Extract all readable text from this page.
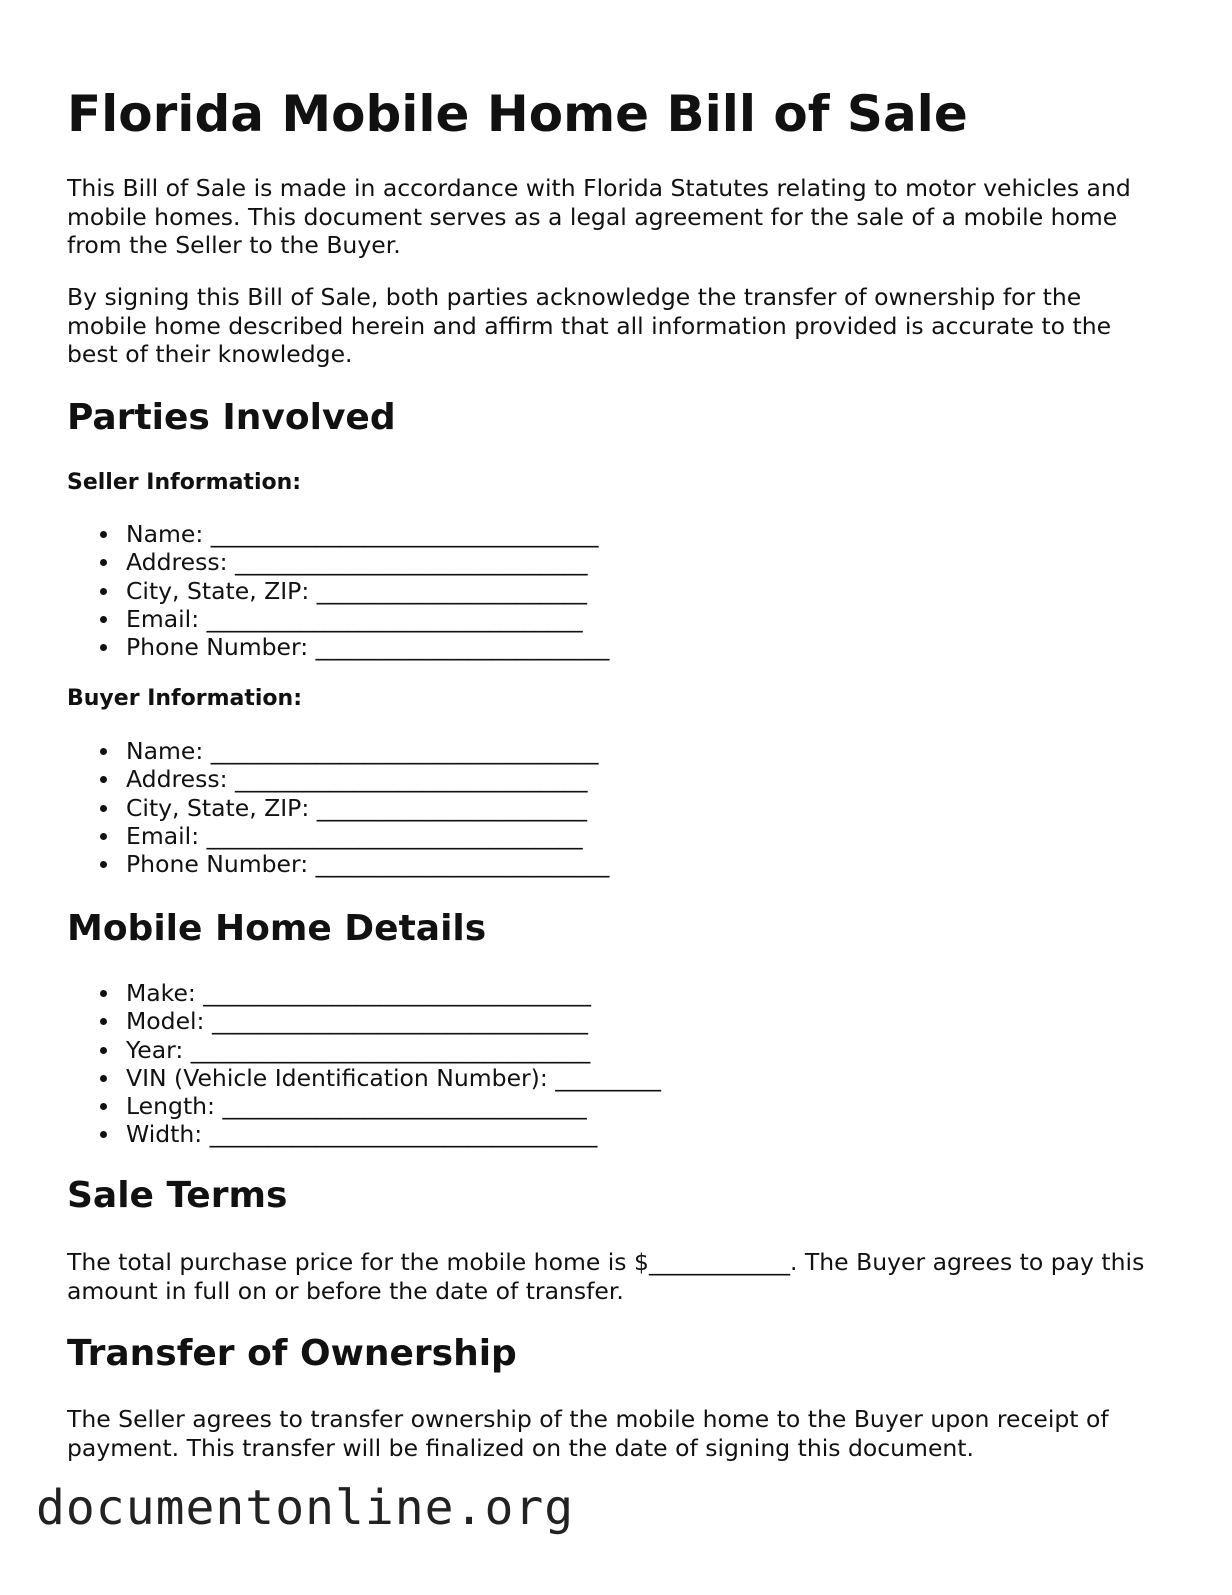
Florida Mobile Home Bill of Sale

This Bill of Sale is made in accordance with Florida Statutes relating to motor vehicles and mobile homes. This document serves as a legal agreement for the sale of a mobile home from the Seller to the Buyer.

By signing this Bill of Sale, both parties acknowledge the transfer of ownership for the mobile home described herein and affirm that all information provided is accurate to the best of their knowledge.

Parties Involved
Seller Information:
Name: _________________________________
Address: ______________________________
City, State, ZIP: _______________________
Email: ________________________________
Phone Number: _________________________
Buyer Information:
Name: _________________________________
Address: ______________________________
City, State, ZIP: _______________________
Email: ________________________________
Phone Number: _________________________
Mobile Home Details
Make: _________________________________
Model: ________________________________
Year: __________________________________
VIN (Vehicle Identification Number): _________
Length: _______________________________
Width: _________________________________
Sale Terms

The total purchase price for the mobile home is $____________. The Buyer agrees to pay this amount in full on or before the date of transfer.

Transfer of Ownership

The Seller agrees to transfer ownership of the mobile home to the Buyer upon receipt of payment. This transfer will be finalized on the date of signing this document.

documentonline.org
